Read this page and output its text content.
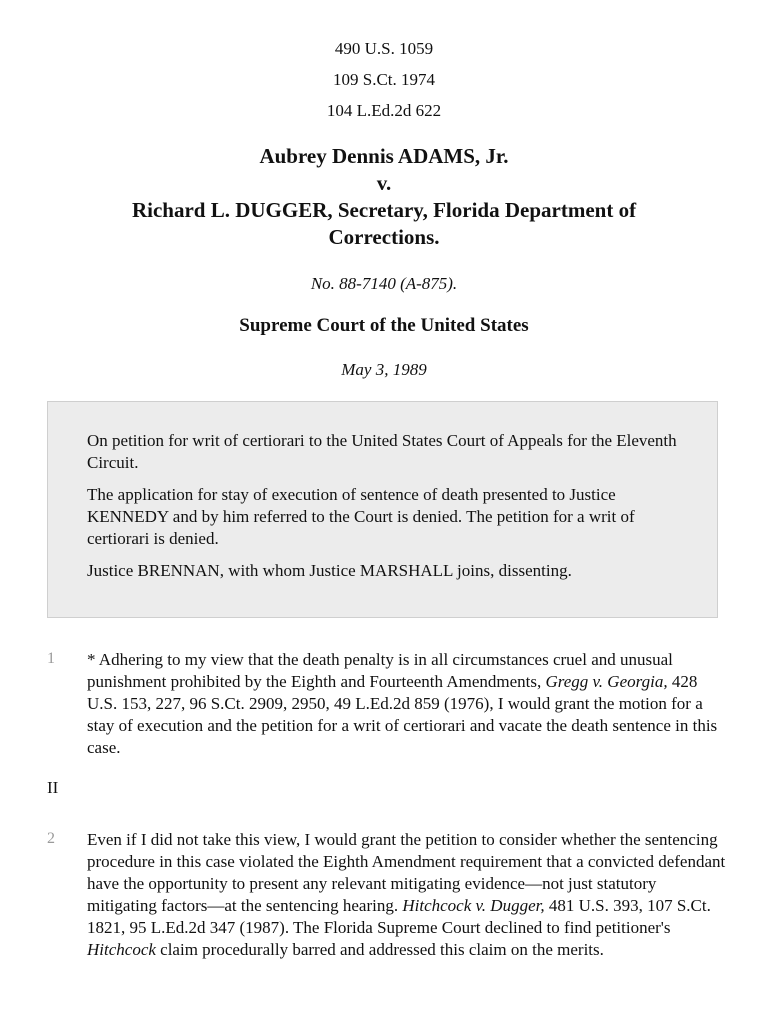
490 U.S. 1059
109 S.Ct. 1974
104 L.Ed.2d 622
Aubrey Dennis ADAMS, Jr.
v.
Richard L. DUGGER, Secretary, Florida Department of
Corrections.
No. 88-7140 (A-875).
Supreme Court of the United States
May 3, 1989

On petition for writ of certiorari to the United States Court of Appeals for the Eleventh Circuit.

The application for stay of execution of sentence of death presented to Justice KENNEDY and by him referred to the Court is denied. The petition for a writ of certiorari is denied.

Justice BRENNAN, with whom Justice MARSHALL joins, dissenting.

1 * Adhering to my view that the death penalty is in all circumstances cruel and unusual punishment prohibited by the Eighth and Fourteenth Amendments, Gregg v. Georgia, 428 U.S. 153, 227, 96 S.Ct. 2909, 2950, 49 L.Ed.2d 859 (1976), I would grant the motion for a stay of execution and the petition for a writ of certiorari and vacate the death sentence in this case.
II
2 Even if I did not take this view, I would grant the petition to consider whether the sentencing procedure in this case violated the Eighth Amendment requirement that a convicted defendant have the opportunity to present any relevant mitigating evidence—not just statutory mitigating factors—at the sentencing hearing. Hitchcock v. Dugger, 481 U.S. 393, 107 S.Ct. 1821, 95 L.Ed.2d 347 (1987). The Florida Supreme Court declined to find petitioner's Hitchcock claim procedurally barred and addressed this claim on the merits.
